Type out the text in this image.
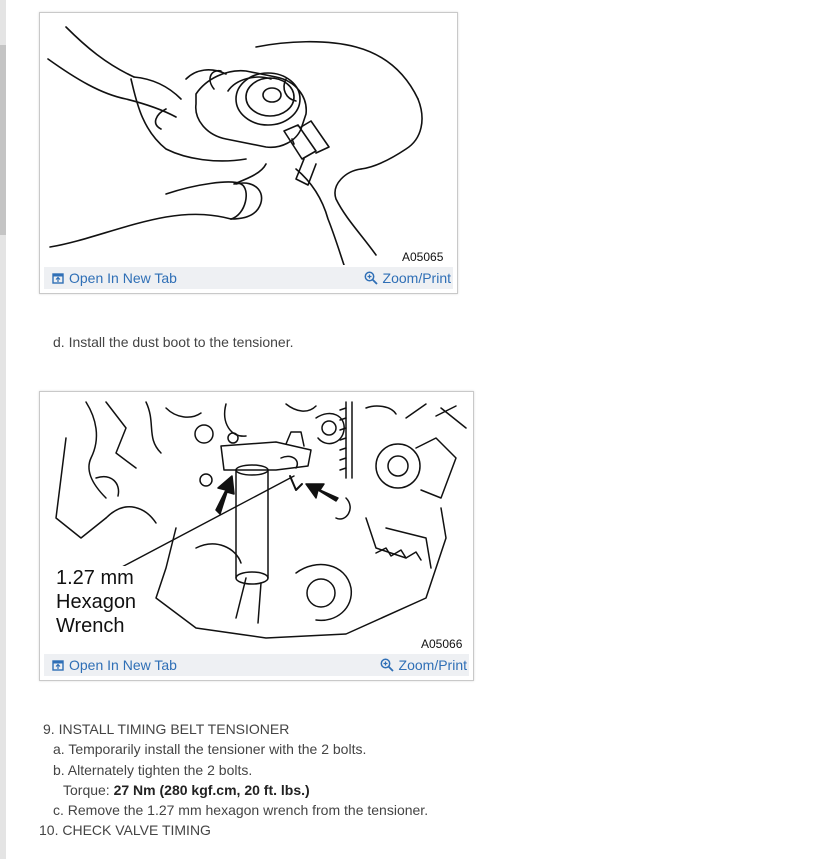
A05065
Open In New Tab	Zoom/Print
d. Install the dust boot to the tensioner.
1.27 mm
Hexagon
Wrench
A05066
Open In New Tab	Zoom/Print
9. INSTALL TIMING BELT TENSIONER
a. Temporarily install the tensioner with the 2 bolts.
b. Alternately tighten the 2 bolts.
Torque: 27 Nm (280 kgf.cm, 20 ft. lbs.)
c. Remove the 1.27 mm hexagon wrench from the tensioner.
10. CHECK VALVE TIMING
